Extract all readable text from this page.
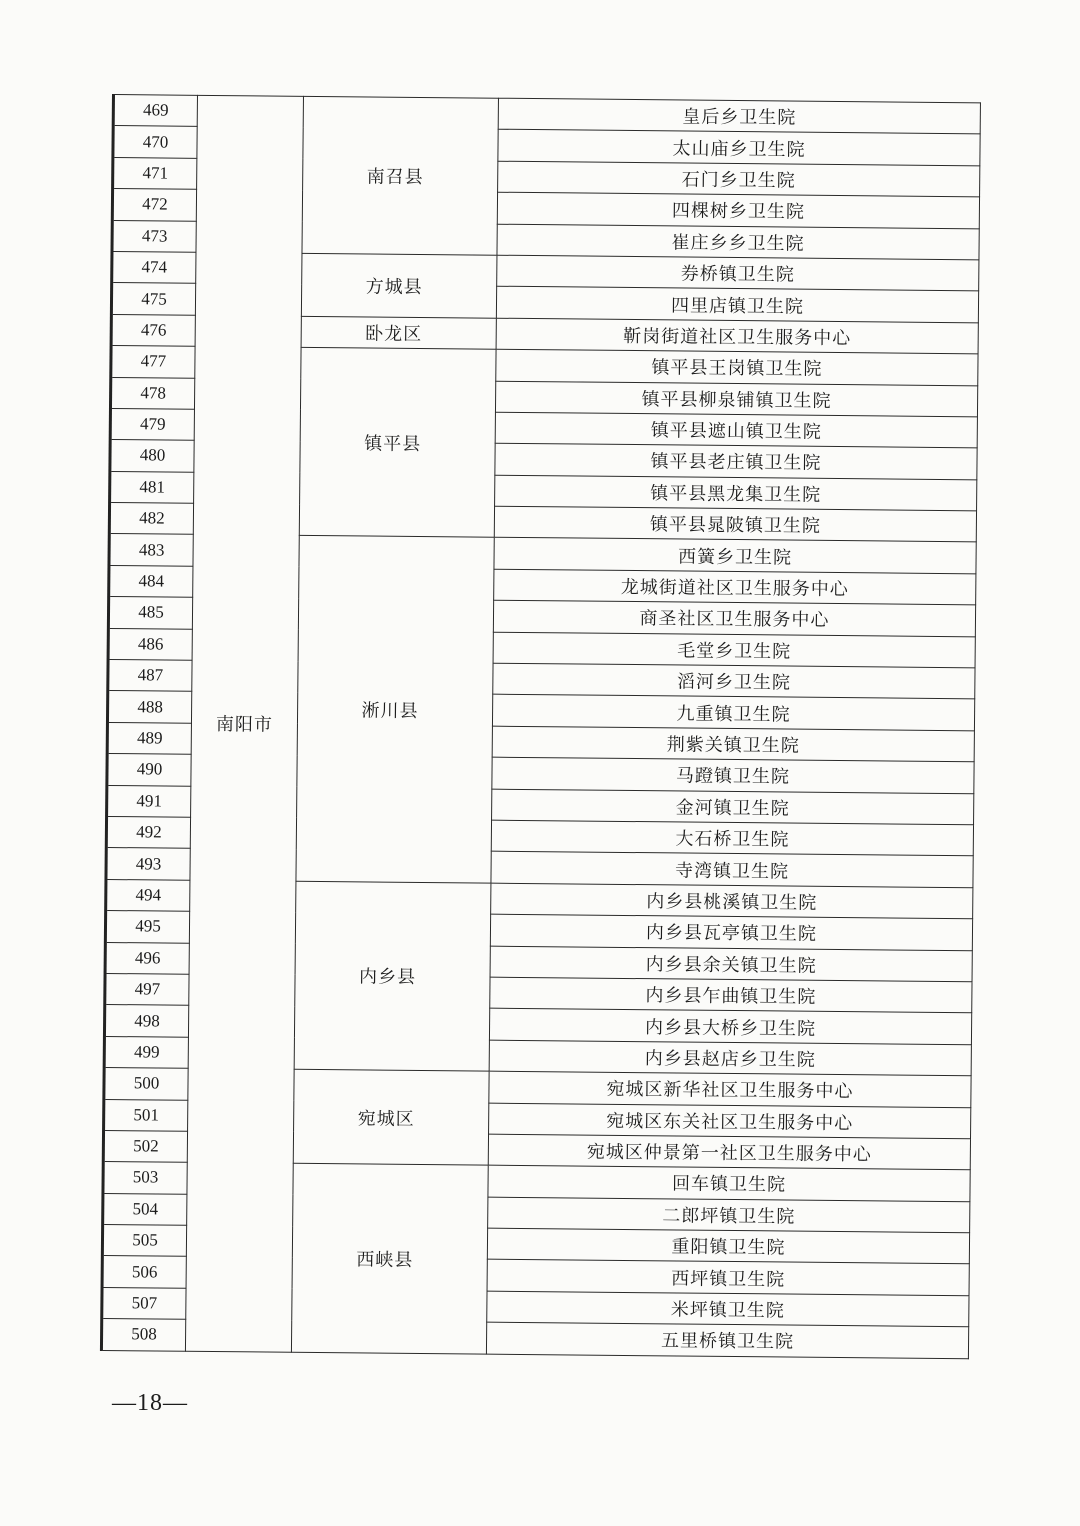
469	南阳市	南召县	皇后乡卫生院
470			太山庙乡卫生院
471			石门乡卫生院
472			四棵树乡卫生院
473			崔庄乡乡卫生院
474		方城县	券桥镇卫生院
475			四里店镇卫生院
476		卧龙区	靳岗街道社区卫生服务中心
477		镇平县	镇平县王岗镇卫生院
478			镇平县柳泉铺镇卫生院
479			镇平县遮山镇卫生院
480			镇平县老庄镇卫生院
481			镇平县黑龙集卫生院
482			镇平县晁陂镇卫生院
483		淅川县	西簧乡卫生院
484			龙城街道社区卫生服务中心
485			商圣社区卫生服务中心
486			毛堂乡卫生院
487			滔河乡卫生院
488			九重镇卫生院
489			荆紫关镇卫生院
490			马蹬镇卫生院
491			金河镇卫生院
492			大石桥卫生院
493			寺湾镇卫生院
494		内乡县	内乡县桃溪镇卫生院
495			内乡县瓦亭镇卫生院
496			内乡县余关镇卫生院
497			内乡县乍曲镇卫生院
498			内乡县大桥乡卫生院
499			内乡县赵店乡卫生院
500		宛城区	宛城区新华社区卫生服务中心
501			宛城区东关社区卫生服务中心
502			宛城区仲景第一社区卫生服务中心
503		西峡县	回车镇卫生院
504			二郎坪镇卫生院
505			重阳镇卫生院
506			西坪镇卫生院
507			米坪镇卫生院
508			五里桥镇卫生院
—18—
